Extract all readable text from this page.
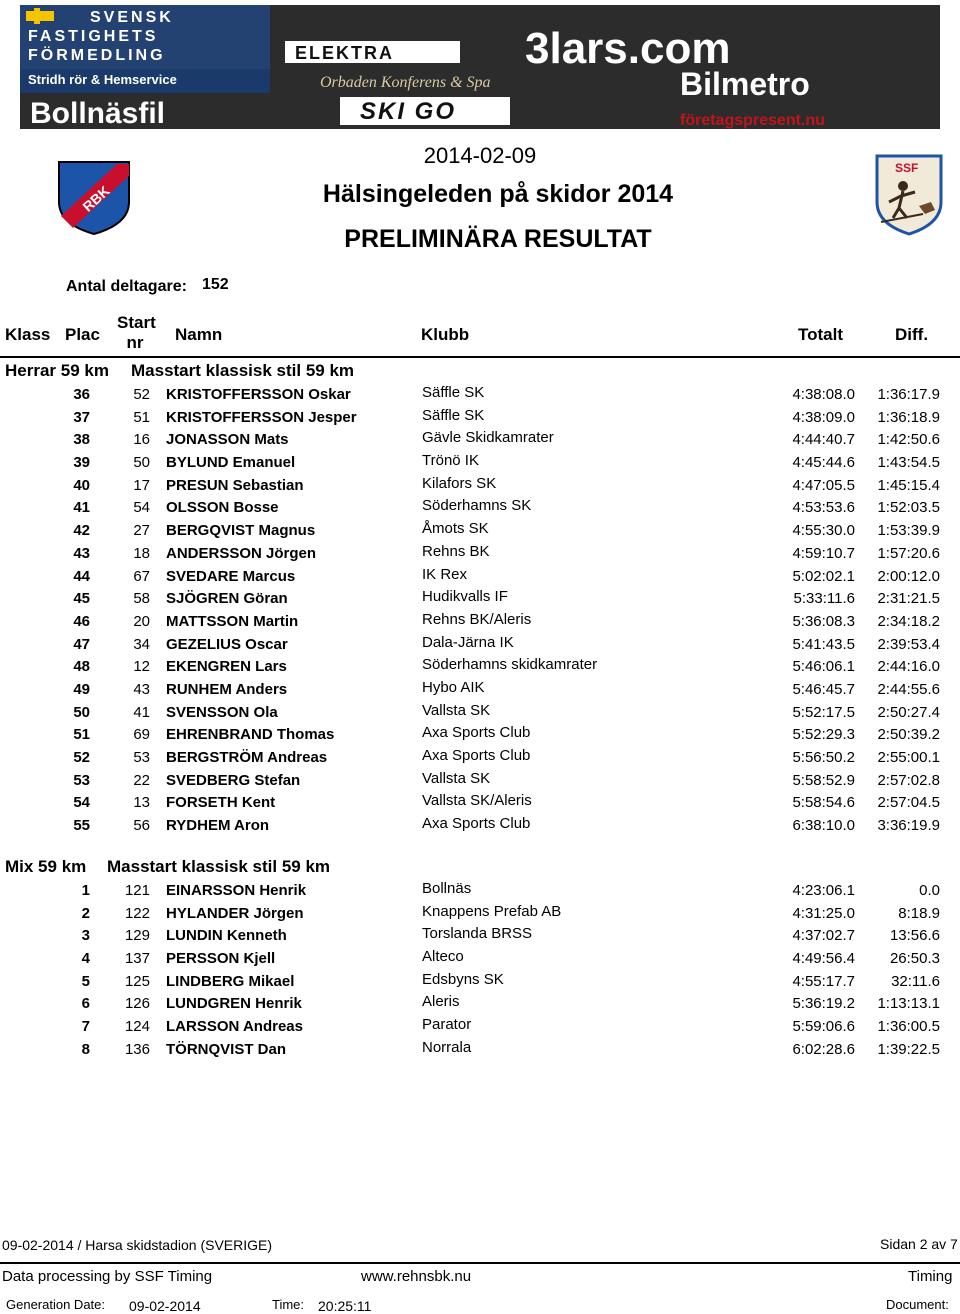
SVENSK
FASTIGHETS
FÖRMEDLING
Stridh rör & Hemservice
Bollnäsfil
ELEKTRA
Orbaden Konferens & Spa
SKI GO
3lars.com
Bilmetro
företagspresent.nu
RBK
SSF
2014-02-09
Hälsingeleden på skidor 2014
PRELIMINÄRA RESULTAT
Antal deltagare: 152
Klass Plac
Start
nr	Namn	Klubb	Totalt	Diff.
Herrar 59 km Masstart klassisk stil 59 km
36	52 KRISTOFFERSSON Oskar	Säffle SK	4:38:08.0	1:36:17.9
37	51 KRISTOFFERSSON Jesper	Säffle SK	4:38:09.0	1:36:18.9
38	16 JONASSON Mats	Gävle Skidkamrater	4:44:40.7	1:42:50.6
39	50 BYLUND Emanuel	Trönö IK	4:45:44.6	1:43:54.5
40	17 PRESUN Sebastian	Kilafors SK	4:47:05.5	1:45:15.4
41	54 OLSSON Bosse	Söderhamns SK	4:53:53.6	1:52:03.5
42	27 BERGQVIST Magnus	Åmots SK	4:55:30.0	1:53:39.9
43	18 ANDERSSON Jörgen	Rehns BK	4:59:10.7	1:57:20.6
44	67 SVEDARE Marcus	IK Rex	5:02:02.1	2:00:12.0
45	58 SJÖGREN Göran	Hudikvalls IF	5:33:11.6	2:31:21.5
46	20 MATTSSON Martin	Rehns BK/Aleris	5:36:08.3	2:34:18.2
47	34 GEZELIUS Oscar	Dala-Järna IK	5:41:43.5	2:39:53.4
48	12 EKENGREN Lars	Söderhamns skidkamrater	5:46:06.1	2:44:16.0
49	43 RUNHEM Anders	Hybo AIK	5:46:45.7	2:44:55.6
50	41 SVENSSON Ola	Vallsta SK	5:52:17.5	2:50:27.4
51	69 EHRENBRAND Thomas	Axa Sports Club	5:52:29.3	2:50:39.2
52	53 BERGSTRÖM Andreas	Axa Sports Club	5:56:50.2	2:55:00.1
53	22 SVEDBERG Stefan	Vallsta SK	5:58:52.9	2:57:02.8
54	13 FORSETH Kent	Vallsta SK/Aleris	5:58:54.6	2:57:04.5
55	56 RYDHEM Aron	Axa Sports Club	6:38:10.0	3:36:19.9
Mix 59 km Masstart klassisk stil 59 km
1	121 EINARSSON Henrik	Bollnäs	4:23:06.1	0.0
2	122 HYLANDER Jörgen	Knappens Prefab AB	4:31:25.0	8:18.9
3	129 LUNDIN Kenneth	Torslanda BRSS	4:37:02.7	13:56.6
4	137 PERSSON Kjell	Alteco	4:49:56.4	26:50.3
5	125 LINDBERG Mikael	Edsbyns SK	4:55:17.7	32:11.6
6	126 LUNDGREN Henrik	Aleris	5:36:19.2	1:13:13.1
7	124 LARSSON Andreas	Parator	5:59:06.6	1:36:00.5
8	136 TÖRNQVIST Dan	Norrala	6:02:28.6	1:39:22.5
09-02-2014 / Harsa skidstadion (SVERIGE)	Sidan 2 av 7
Data processing by SSF Timing	www.rehnsbk.nu	Timing
Generation Date: 09-02-2014	Time: 20:25:11	Document:
